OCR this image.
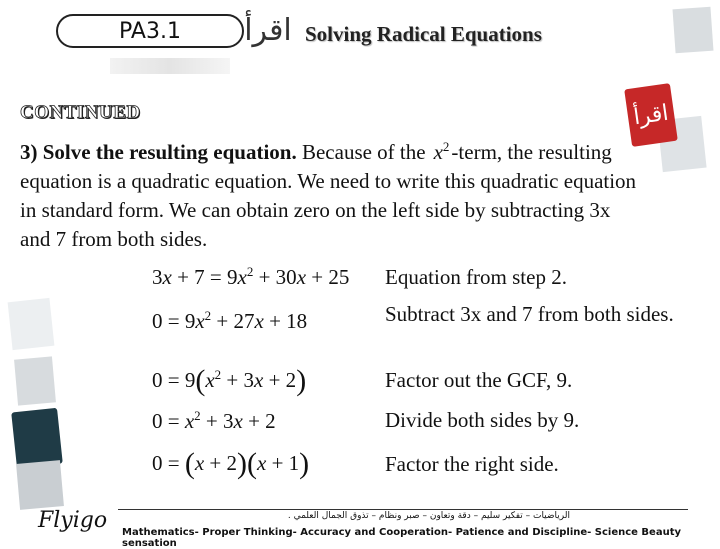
اقرأ
PA3.1 اقرأ Solving Radical Equations
CONTINUED
3) Solve the resulting equation. Because of the $x^2$-term, the resulting equation is a quadratic equation. We need to write this quadratic equation in standard form. We can obtain zero on the left side by subtracting 3x and 7 from both sides.
$3x + 7 = 9x^2 + 30x + 25$ Equation from step 2.
$0 = 9x^2 + 27x + 18$	Subtract 3x and 7 from both sides.
$0 = 9(x^2 + 3x + 2)$	Factor out the GCF, 9.
$0 = x^2 + 3x + 2$	Divide both sides by 9.
0 = (x + 2)(x + 1)	Factor the right side.
Flyigo	الرياضيات – تفكير سليم – دقة وتعاون – صبر ونظام – تذوق الجمال العلمي .
Mathematics- Proper Thinking- Accuracy and Cooperation- Patience and Discipline- Science Beauty sensation
